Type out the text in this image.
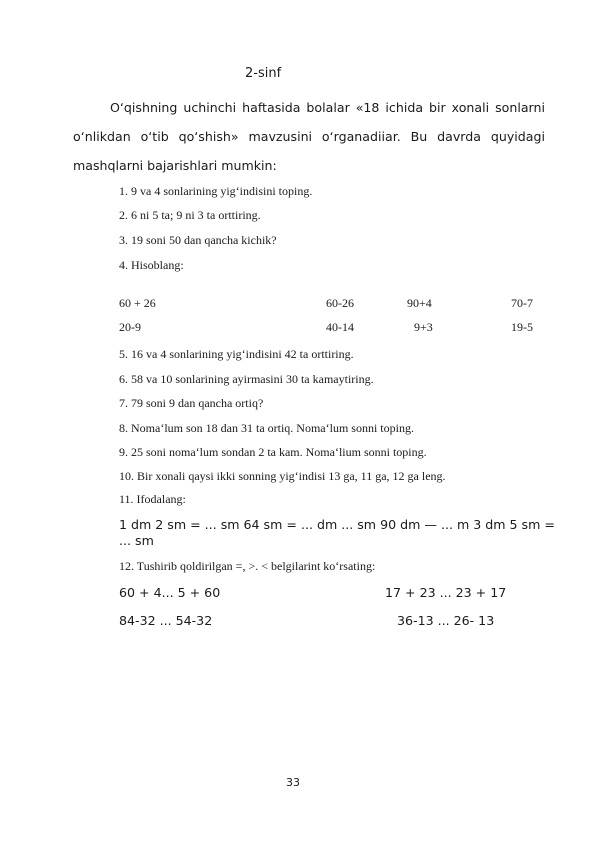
2-sinf

O‘qishning uchinchi haftasida bolalar «18 ichida bir xonali sonlarni o‘nlikdan o‘tib qo‘shish» mavzusini o‘rganadiiar. Bu davrda quyidagi mashqlarni bajarishlari mumkin:

1. 9 va 4 sonlarining yig‘indisini toping.
2. 6 ni 5 ta; 9 ni 3 ta orttiring.
3. 19 soni 50 dan qancha kichik?
4. Hisoblang:
60 + 26	60-26	90+4	70-7
20-9	40-14	9+3	19-5
5. 16 va 4 sonlarining yig‘indisini 42 ta orttiring.
6. 58 va 10 sonlarining ayirmasini 30 ta kamaytiring.
7. 79 soni 9 dan qancha ortiq?
8. Noma‘lum son 18 dan 31 ta ortiq. Noma‘lum sonni toping.
9. 25 soni noma‘lum sondan 2 ta kam. Noma‘lium sonni toping.
10. Bir xonali qaysi ikki sonning yig‘indisi 13 ga, 11 ga, 12 ga leng.
11. Ifodalang:
1 dm 2 sm = ... sm 64 sm = ... dm ... sm 90 dm — ... m 3 dm 5 sm = ... sm
12. Tushirib qoldirilgan =, >. < belgilarint ko‘rsating:
60 + 4... 5 + 60	17 + 23 ... 23 + 17
84-32 ... 54-32	36-13 ... 26- 13
33
